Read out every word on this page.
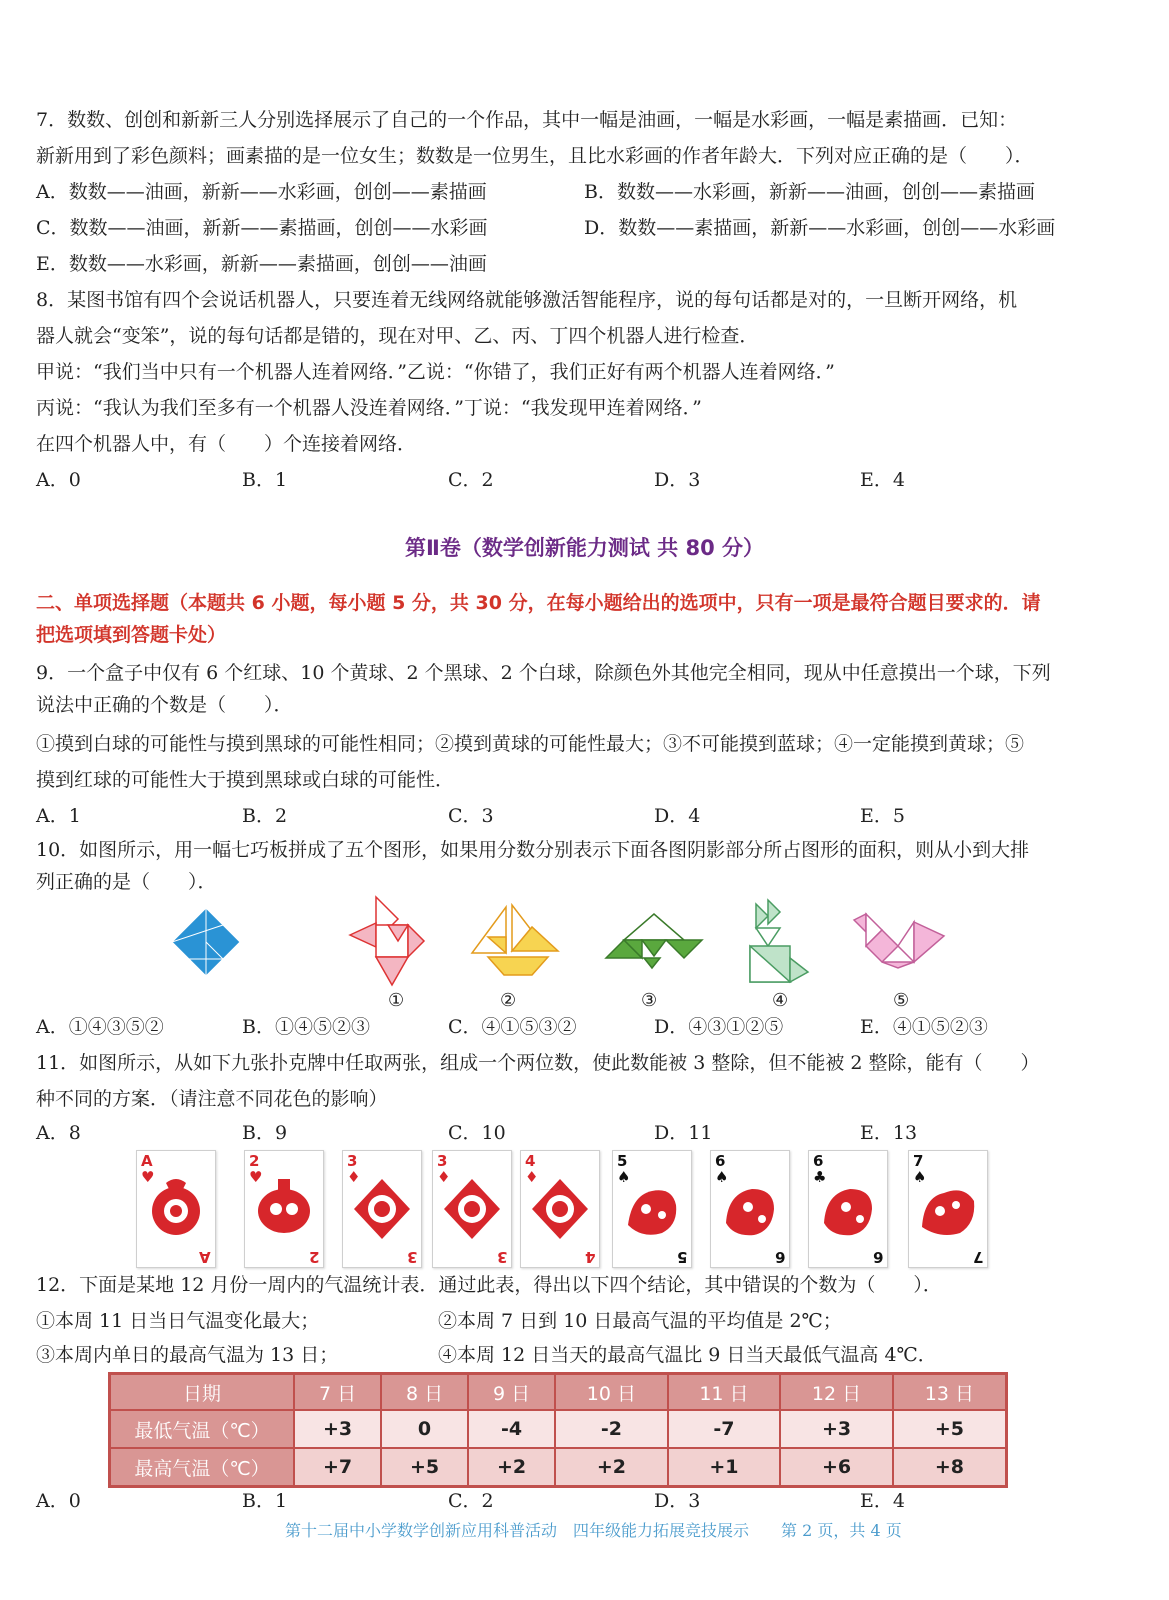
7．数数、创创和新新三人分别选择展示了自己的一个作品，其中一幅是油画，一幅是水彩画，一幅是素描画．已知：
新新用到了彩色颜料；画素描的是一位女生；数数是一位男生，且比水彩画的作者年龄大．下列对应正确的是（　　）．
A．数数——油画，新新——水彩画，创创——素描画	B．数数——水彩画，新新——油画，创创——素描画
C．数数——油画，新新——素描画，创创——水彩画	D．数数——素描画，新新——水彩画，创创——水彩画
E．数数——水彩画，新新——素描画，创创——油画
8．某图书馆有四个会说话机器人，只要连着无线网络就能够激活智能程序，说的每句话都是对的，一旦断开网络，机
器人就会“变笨”，说的每句话都是错的，现在对甲、乙、丙、丁四个机器人进行检查．
甲说：“我们当中只有一个机器人连着网络．”乙说：“你错了，我们正好有两个机器人连着网络．”
丙说：“我认为我们至多有一个机器人没连着网络．”丁说：“我发现甲连着网络．”
在四个机器人中，有（　　）个连接着网络．
A．0	B．1	C．2	D．3	E．4
第Ⅱ卷（数学创新能力测试 共 80 分）
二、单项选择题（本题共 6 小题，每小题 5 分，共 30 分，在每小题给出的选项中，只有一项是最符合题目要求的．请
把选项填到答题卡处）
9．一个盒子中仅有 6 个红球、10 个黄球、2 个黑球、2 个白球，除颜色外其他完全相同，现从中任意摸出一个球，下列
说法中正确的个数是（　　）．
①摸到白球的可能性与摸到黑球的可能性相同；②摸到黄球的可能性最大；③不可能摸到蓝球；④一定能摸到黄球；⑤
摸到红球的可能性大于摸到黑球或白球的可能性．
A．1	B．2	C．3	D．4	E．5
10．如图所示，用一幅七巧板拼成了五个图形，如果用分数分别表示下面各图阴影部分所占图形的面积，则从小到大排
列正确的是（　　）．
①	②	③	④	⑤
A．①④③⑤②	B．①④⑤②③	C．④①⑤③②	D．④③①②⑤	E．④①⑤②③
11．如图所示，从如下九张扑克牌中任取两张，组成一个两位数，使此数能被 3 整除，但不能被 2 整除，能有（　　）
种不同的方案．（请注意不同花色的影响）
A．8	B．9	C．10	D．11	E．13
A
♥
A
2
♥
2
3
♦
3
3
♦
3
4
♦
4
5
♠
5
6
♠
6
6
♣
6
7
♠
7
12．下面是某地 12 月份一周内的气温统计表．通过此表，得出以下四个结论，其中错误的个数为（　　）．
①本周 11 日当日气温变化最大；	②本周 7 日到 10 日最高气温的平均值是 2℃；
③本周内单日的最高气温为 13 日；	④本周 12 日当天的最高气温比 9 日当天最低气温高 4℃．
日期	7 日	8 日	9 日	10 日	11 日	12 日	13 日
最低气温（℃）	+3	0	-4	-2	-7	+3	+5
最高气温（℃）	+7	+5	+2	+2	+1	+6	+8
A．0	B．1	C．2	D．3	E．4
第十二届中小学数学创新应用科普活动　四年级能力拓展竞技展示　　第 2 页，共 4 页
